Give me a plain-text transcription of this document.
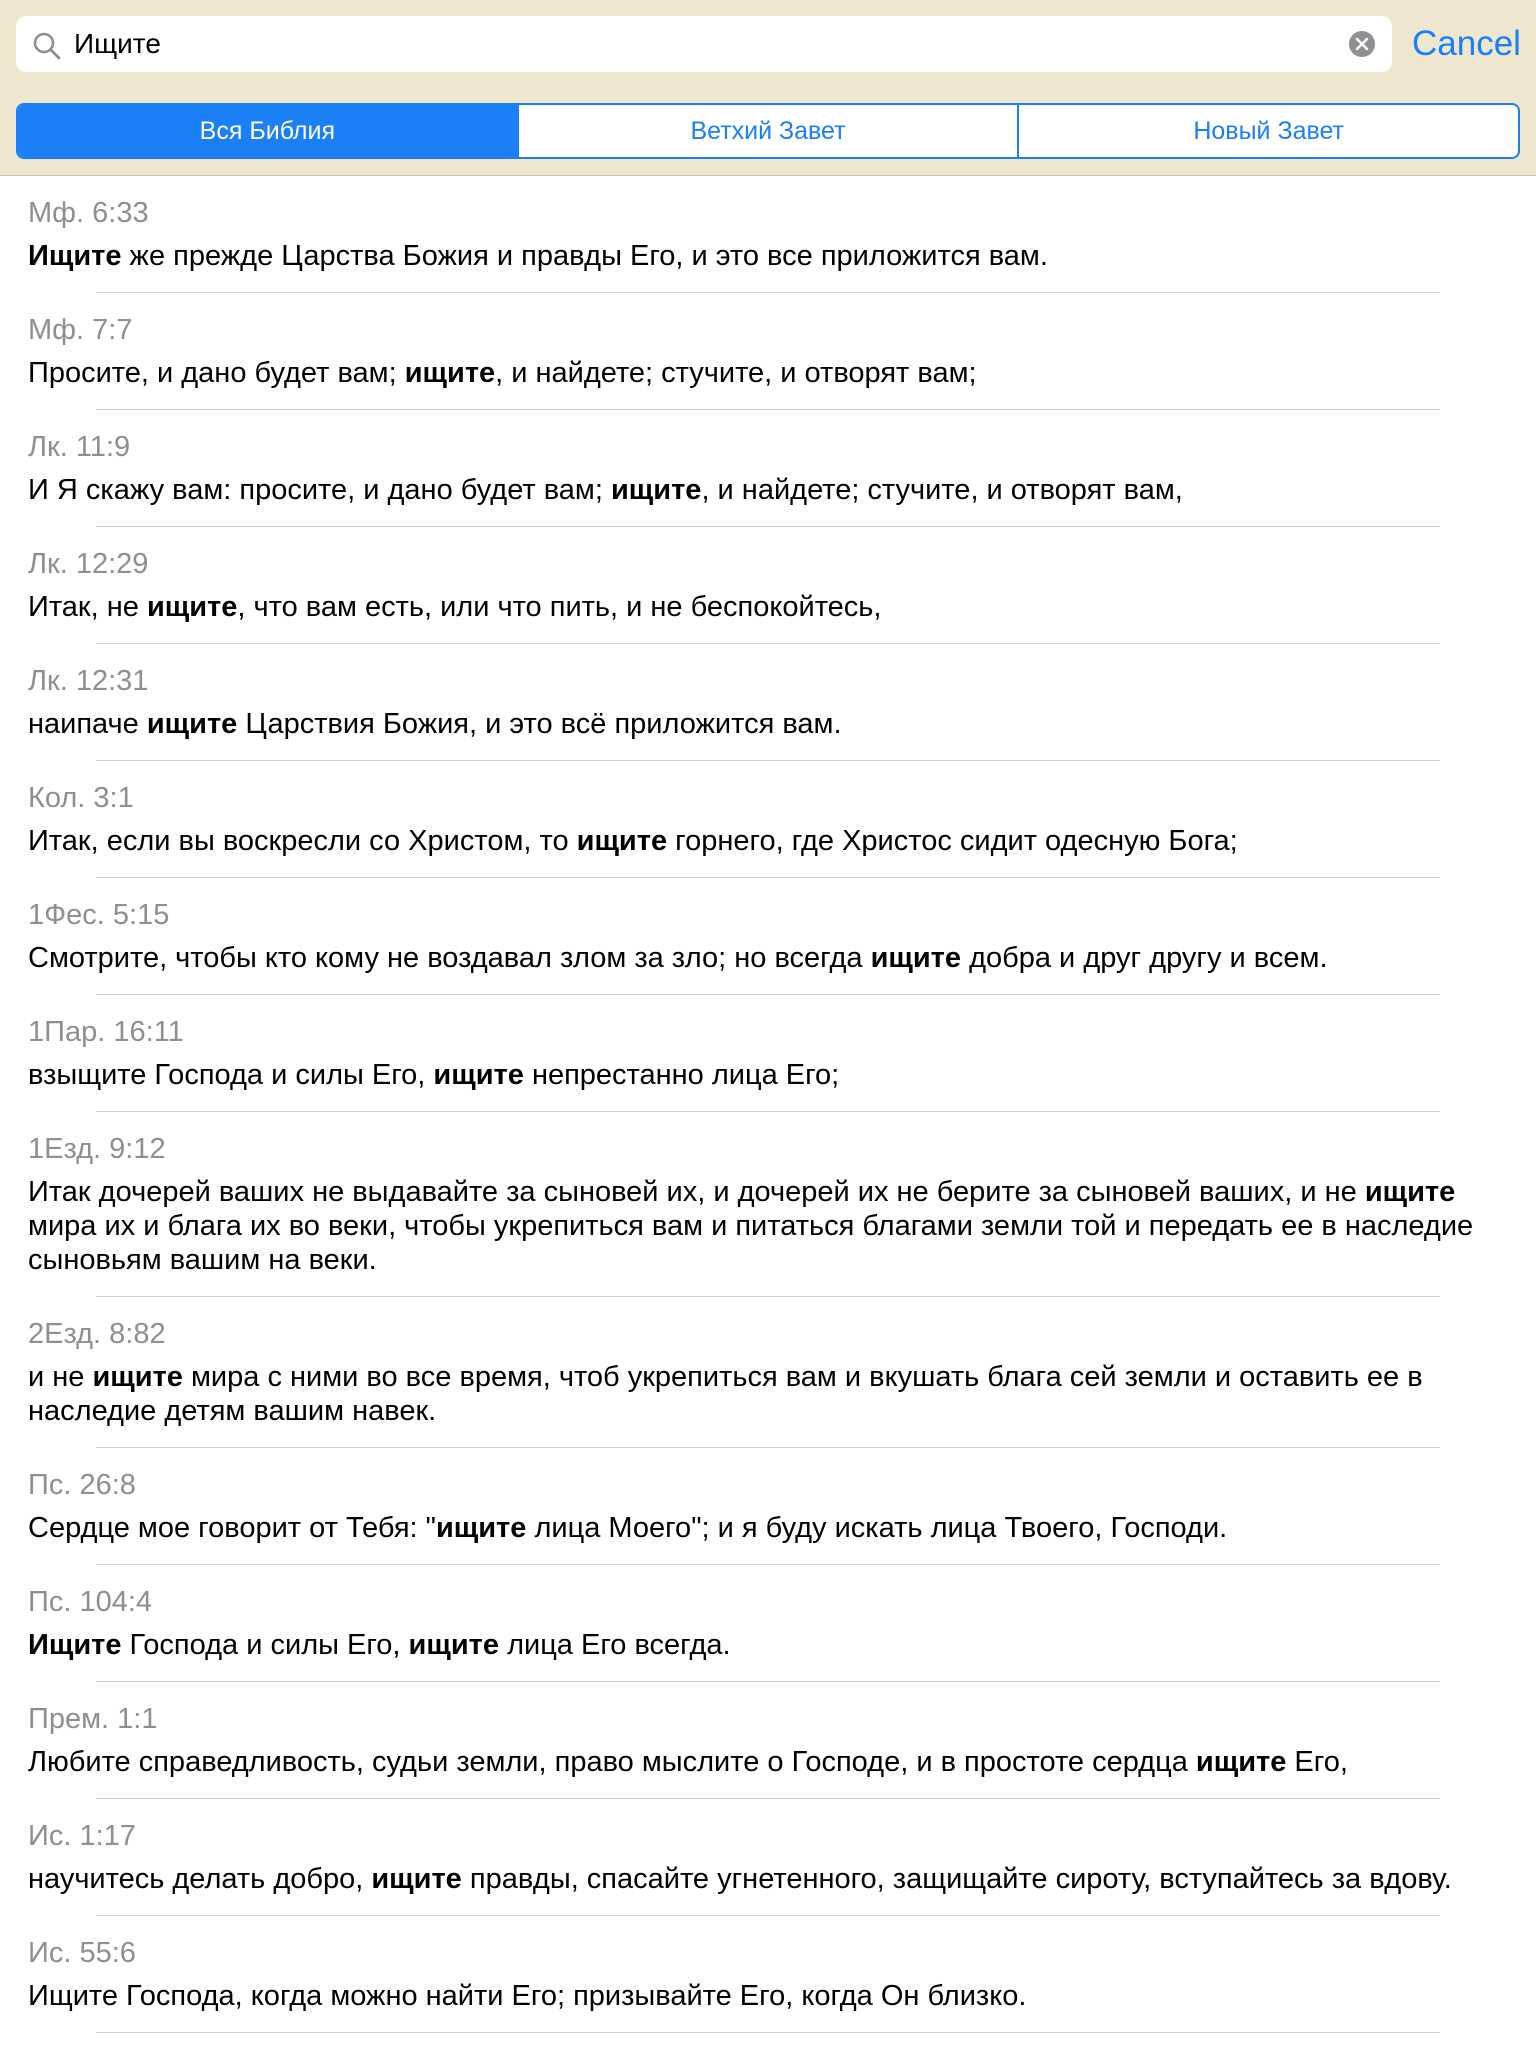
Ищите
Cancel
Вся Библия	Ветхий Завет	Новый Завет
Мф. 6:33
Ищите же прежде Царства Божия и правды Его, и это все приложится вам.
Мф. 7:7
Просите, и дано будет вам; ищите, и найдете; стучите, и отворят вам;
Лк. 11:9
И Я скажу вам: просите, и дано будет вам; ищите, и найдете; стучите, и отворят вам,
Лк. 12:29
Итак, не ищите, что вам есть, или что пить, и не беспокойтесь,
Лк. 12:31
наипаче ищите Царствия Божия, и это всё приложится вам.
Кол. 3:1
Итак, если вы воскресли со Христом, то ищите горнего, где Христос сидит одесную Бога;
1Фес. 5:15
Смотрите, чтобы кто кому не воздавал злом за зло; но всегда ищите добра и друг другу и всем.
1Пар. 16:11
взыщите Господа и силы Его, ищите непрестанно лица Его;
1Езд. 9:12
Итак дочерей ваших не выдавайте за сыновей их, и дочерей их не берите за сыновей ваших, и не ищите мира их и блага их во веки, чтобы укрепиться вам и питаться благами земли той и передать ее в наследие сыновьям вашим на веки.
2Езд. 8:82
и не ищите мира с ними во все время, чтоб укрепиться вам и вкушать блага сей земли и оставить ее в наследие детям вашим навек.
Пс. 26:8
Сердце мое говорит от Тебя: "ищите лица Моего"; и я буду искать лица Твоего, Господи.
Пс. 104:4
Ищите Господа и силы Его, ищите лица Его всегда.
Прем. 1:1
Любите справедливость, судьи земли, право мыслите о Господе, и в простоте сердца ищите Его,
Ис. 1:17
научитесь делать добро, ищите правды, спасайте угнетенного, защищайте сироту, вступайтесь за вдову.
Ис. 55:6
Ищите Господа, когда можно найти Его; призывайте Его, когда Он близко.
